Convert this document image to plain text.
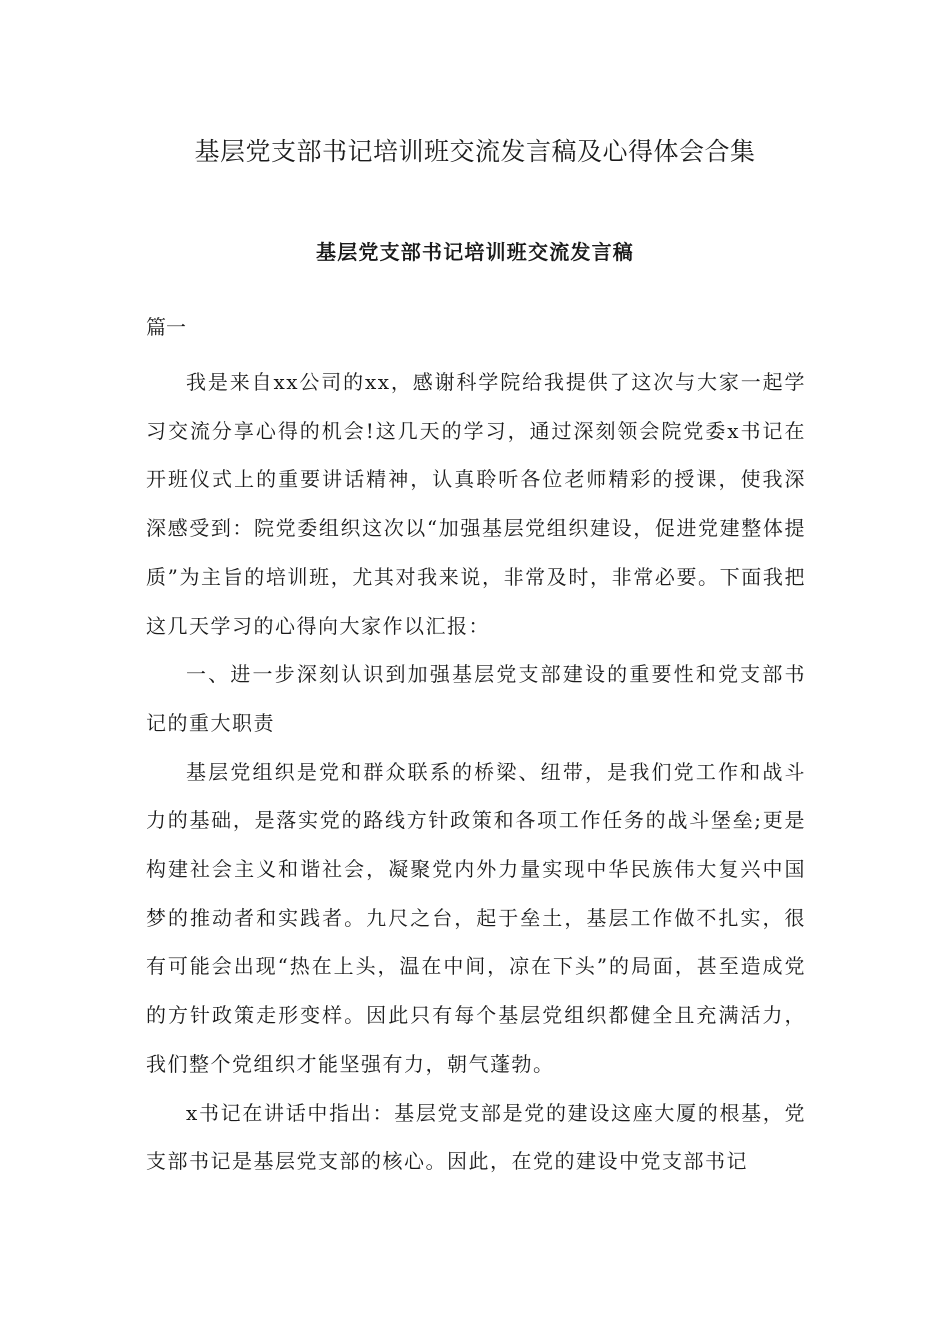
基层党支部书记培训班交流发言稿及心得体会合集
基层党支部书记培训班交流发言稿
篇一

我是来自xx公司的xx，感谢科学院给我提供了这次与大家一起学习交流分享心得的机会!这几天的学习，通过深刻领会院党委x书记在开班仪式上的重要讲话精神，认真聆听各位老师精彩的授课，使我深深感受到：院党委组织这次以“加强基层党组织建设，促进党建整体提质”为主旨的培训班，尤其对我来说，非常及时，非常必要。下面我把这几天学习的心得向大家作以汇报：

一、进一步深刻认识到加强基层党支部建设的重要性和党支部书记的重大职责

基层党组织是党和群众联系的桥梁、纽带，是我们党工作和战斗力的基础，是落实党的路线方针政策和各项工作任务的战斗堡垒;更是构建社会主义和谐社会，凝聚党内外力量实现中华民族伟大复兴中国梦的推动者和实践者。九尺之台，起于垒土，基层工作做不扎实，很有可能会出现“热在上头，温在中间，凉在下头”的局面，甚至造成党的方针政策走形变样。因此只有每个基层党组织都健全且充满活力，我们整个党组织才能坚强有力，朝气蓬勃。

x书记在讲话中指出：基层党支部是党的建设这座大厦的根基，党支部书记是基层党支部的核心。因此，在党的建设中党支部书记
